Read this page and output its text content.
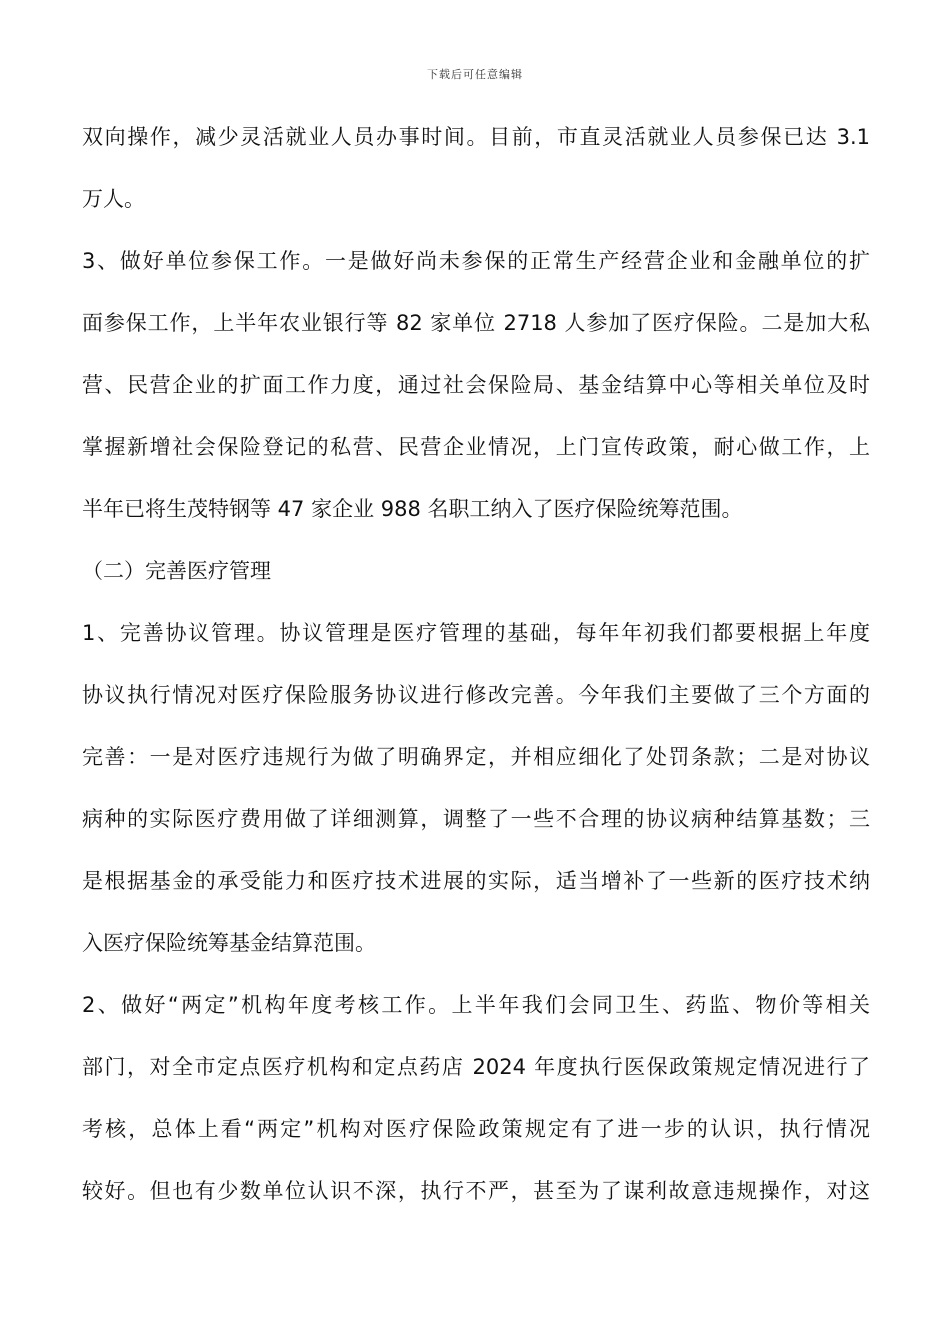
下载后可任意编辑
双向操作，减少灵活就业人员办事时间。目前，市直灵活就业人员参保已达 3.1
万人。
3、做好单位参保工作。一是做好尚未参保的正常生产经营企业和金融单位的扩
面参保工作，上半年农业银行等 82 家单位 2718 人参加了医疗保险。二是加大私
营、民营企业的扩面工作力度，通过社会保险局、基金结算中心等相关单位及时
掌握新增社会保险登记的私营、民营企业情况，上门宣传政策，耐心做工作，上
半年已将生茂特钢等 47 家企业 988 名职工纳入了医疗保险统筹范围。
（二）完善医疗管理
1、完善协议管理。协议管理是医疗管理的基础，每年年初我们都要根据上年度
协议执行情况对医疗保险服务协议进行修改完善。今年我们主要做了三个方面的
完善：一是对医疗违规行为做了明确界定，并相应细化了处罚条款；二是对协议
病种的实际医疗费用做了详细测算，调整了一些不合理的协议病种结算基数；三
是根据基金的承受能力和医疗技术进展的实际，适当增补了一些新的医疗技术纳
入医疗保险统筹基金结算范围。
2、做好“两定”机构年度考核工作。上半年我们会同卫生、药监、物价等相关
部门，对全市定点医疗机构和定点药店 2024 年度执行医保政策规定情况进行了
考核，总体上看“两定”机构对医疗保险政策规定有了进一步的认识，执行情况
较好。但也有少数单位认识不深，执行不严，甚至为了谋利故意违规操作，对这
